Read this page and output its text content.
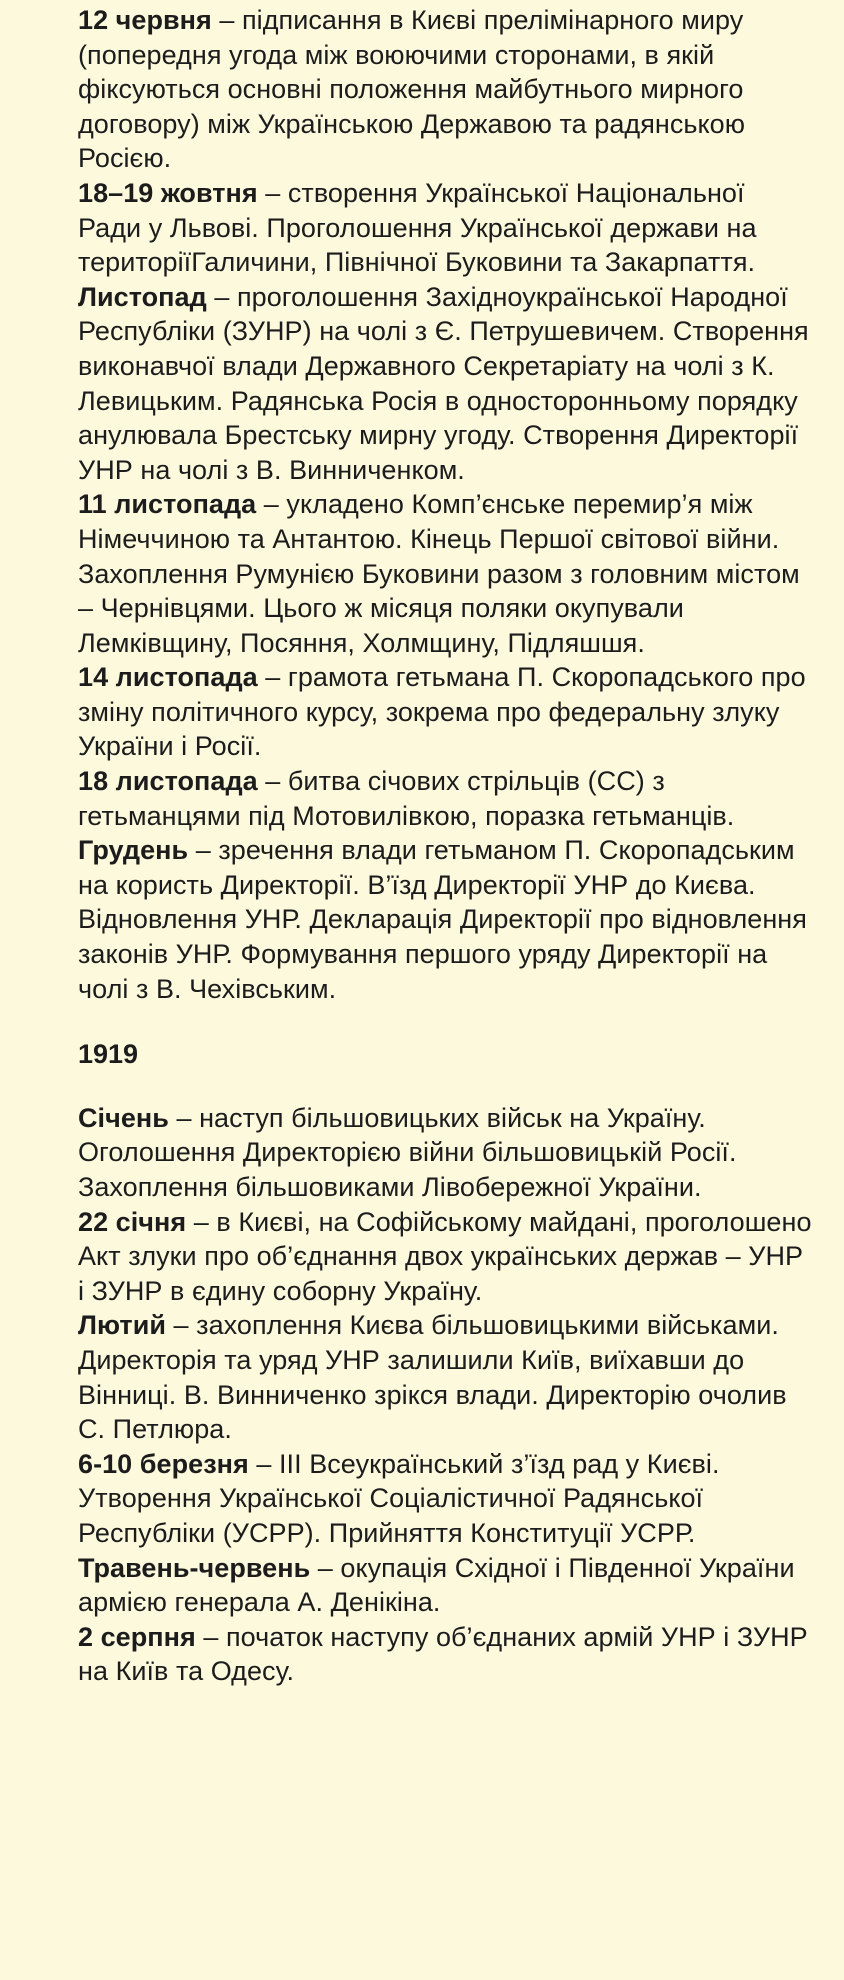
12 червня – підписання в Києві прелімінарного миру (попередня угода між воюючими сторонами, в якій фіксуються основні положення майбутнього мирного договору) між Українською Державою та радянською Росією.

18–19 жовтня – створення Української Національної Ради у Львові. Проголошення Української держави на територіїГаличини, Північної Буковини та Закарпаття.

Листопад – проголошення Західноукраїнської Народної Республіки (ЗУНР) на чолі з Є. Петрушевичем. Створення виконавчої влади Державного Секретаріату на чолі з К. Левицьким. Радянська Росія в односторонньому порядку анулювала Брестську мирну угоду. Створення Директорії УНР на чолі з В. Винниченком.

11 листопада – укладено Комп’єнське перемир’я між Німеччиною та Антантою. Кінець Першої світової війни. Захоплення Румунією Буковини разом з головним містом – Чернівцями. Цього ж місяця поляки окупували Лемківщину, Посяння, Холмщину, Підляшшя.

14 листопада – грамота гетьмана П. Скоропадського про зміну політичного курсу, зокрема про федеральну злуку України і Росії.

18 листопада – битва січових стрільців (СС) з гетьманцями під Мотовилівкою, поразка гетьманців.

Грудень – зречення влади гетьманом П. Скоропадським на користь Директорії. В’їзд Директорії УНР до Києва. Відновлення УНР. Декларація Директорії про відновлення законів УНР. Формування першого уряду Директорії на чолі з В. Чехівським.

1919

Січень – наступ більшовицьких військ на Україну. Оголошення Директорією війни більшовицькій Росії. Захоплення більшовиками Лівобережної України.

22 січня – в Києві, на Софійському майдані, проголошено Акт злуки про об’єднання двох українських держав – УНР і ЗУНР в єдину соборну Україну.

Лютий – захоплення Києва більшовицькими військами. Директорія та уряд УНР залишили Київ, виїхавши до Вінниці. В. Винниченко зрікся влади. Директорію очолив С. Петлюра.

6-10 березня – ІІІ Всеукраїнський з’їзд рад у Києві. Утворення Української Соціалістичної Радянської Республіки (УСРР). Прийняття Конституції УСРР.

Травень-червень – окупація Східної і Південної України армією генерала А. Денікіна.

2 серпня – початок наступу об’єднаних армій УНР і ЗУНР на Київ та Одесу.
